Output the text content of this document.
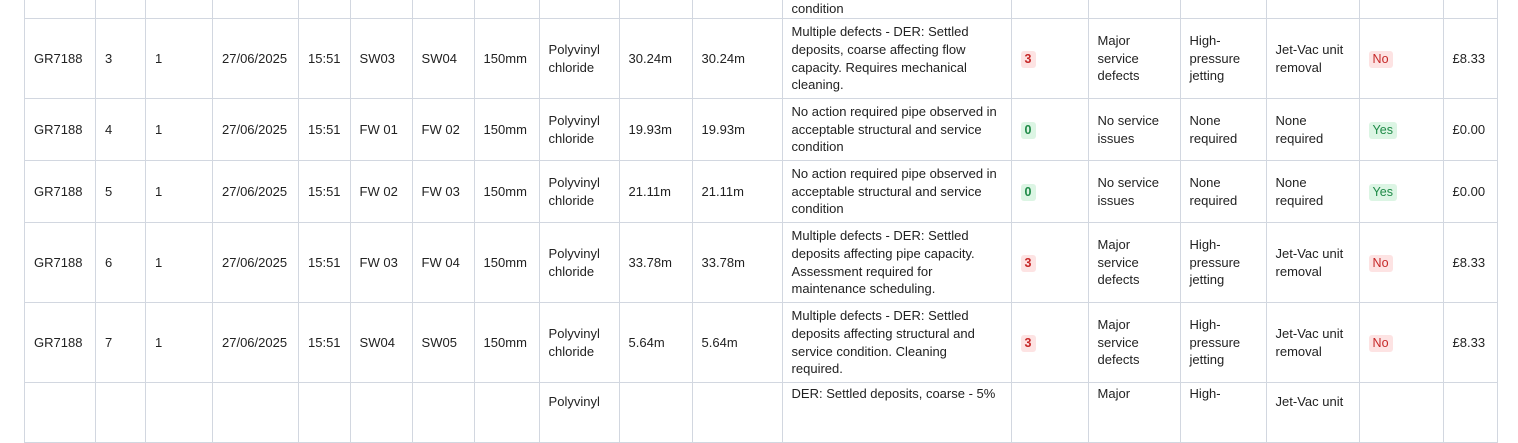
											condition						
GR7188	3	1	27/06/2025	15:51	SW03	SW04	150mm	Polyvinyl chloride	30.24m	30.24m	Multiple defects - DER: Settled deposits, coarse affecting flow capacity. Requires mechanical cleaning.	3	Major service defects	High-pressure jetting	Jet-Vac unit removal	No	£8.33
GR7188	4	1	27/06/2025	15:51	FW 01	FW 02	150mm	Polyvinyl chloride	19.93m	19.93m	No action required pipe observed in acceptable structural and service condition	0	No service issues	None required	None required	Yes	£0.00
GR7188	5	1	27/06/2025	15:51	FW 02	FW 03	150mm	Polyvinyl chloride	21.11m	21.11m	No action required pipe observed in acceptable structural and service condition	0	No service issues	None required	None required	Yes	£0.00
GR7188	6	1	27/06/2025	15:51	FW 03	FW 04	150mm	Polyvinyl chloride	33.78m	33.78m	Multiple defects - DER: Settled deposits affecting pipe capacity. Assessment required for maintenance scheduling.	3	Major service defects	High-pressure jetting	Jet-Vac unit removal	No	£8.33
GR7188	7	1	27/06/2025	15:51	SW04	SW05	150mm	Polyvinyl chloride	5.64m	5.64m	Multiple defects - DER: Settled deposits affecting structural and service condition. Cleaning required.	3	Major service defects	High-pressure jetting	Jet-Vac unit removal	No	£8.33
								Polyvinyl			DER: Settled deposits, coarse - 5%		Major	High-	Jet-Vac unit		
